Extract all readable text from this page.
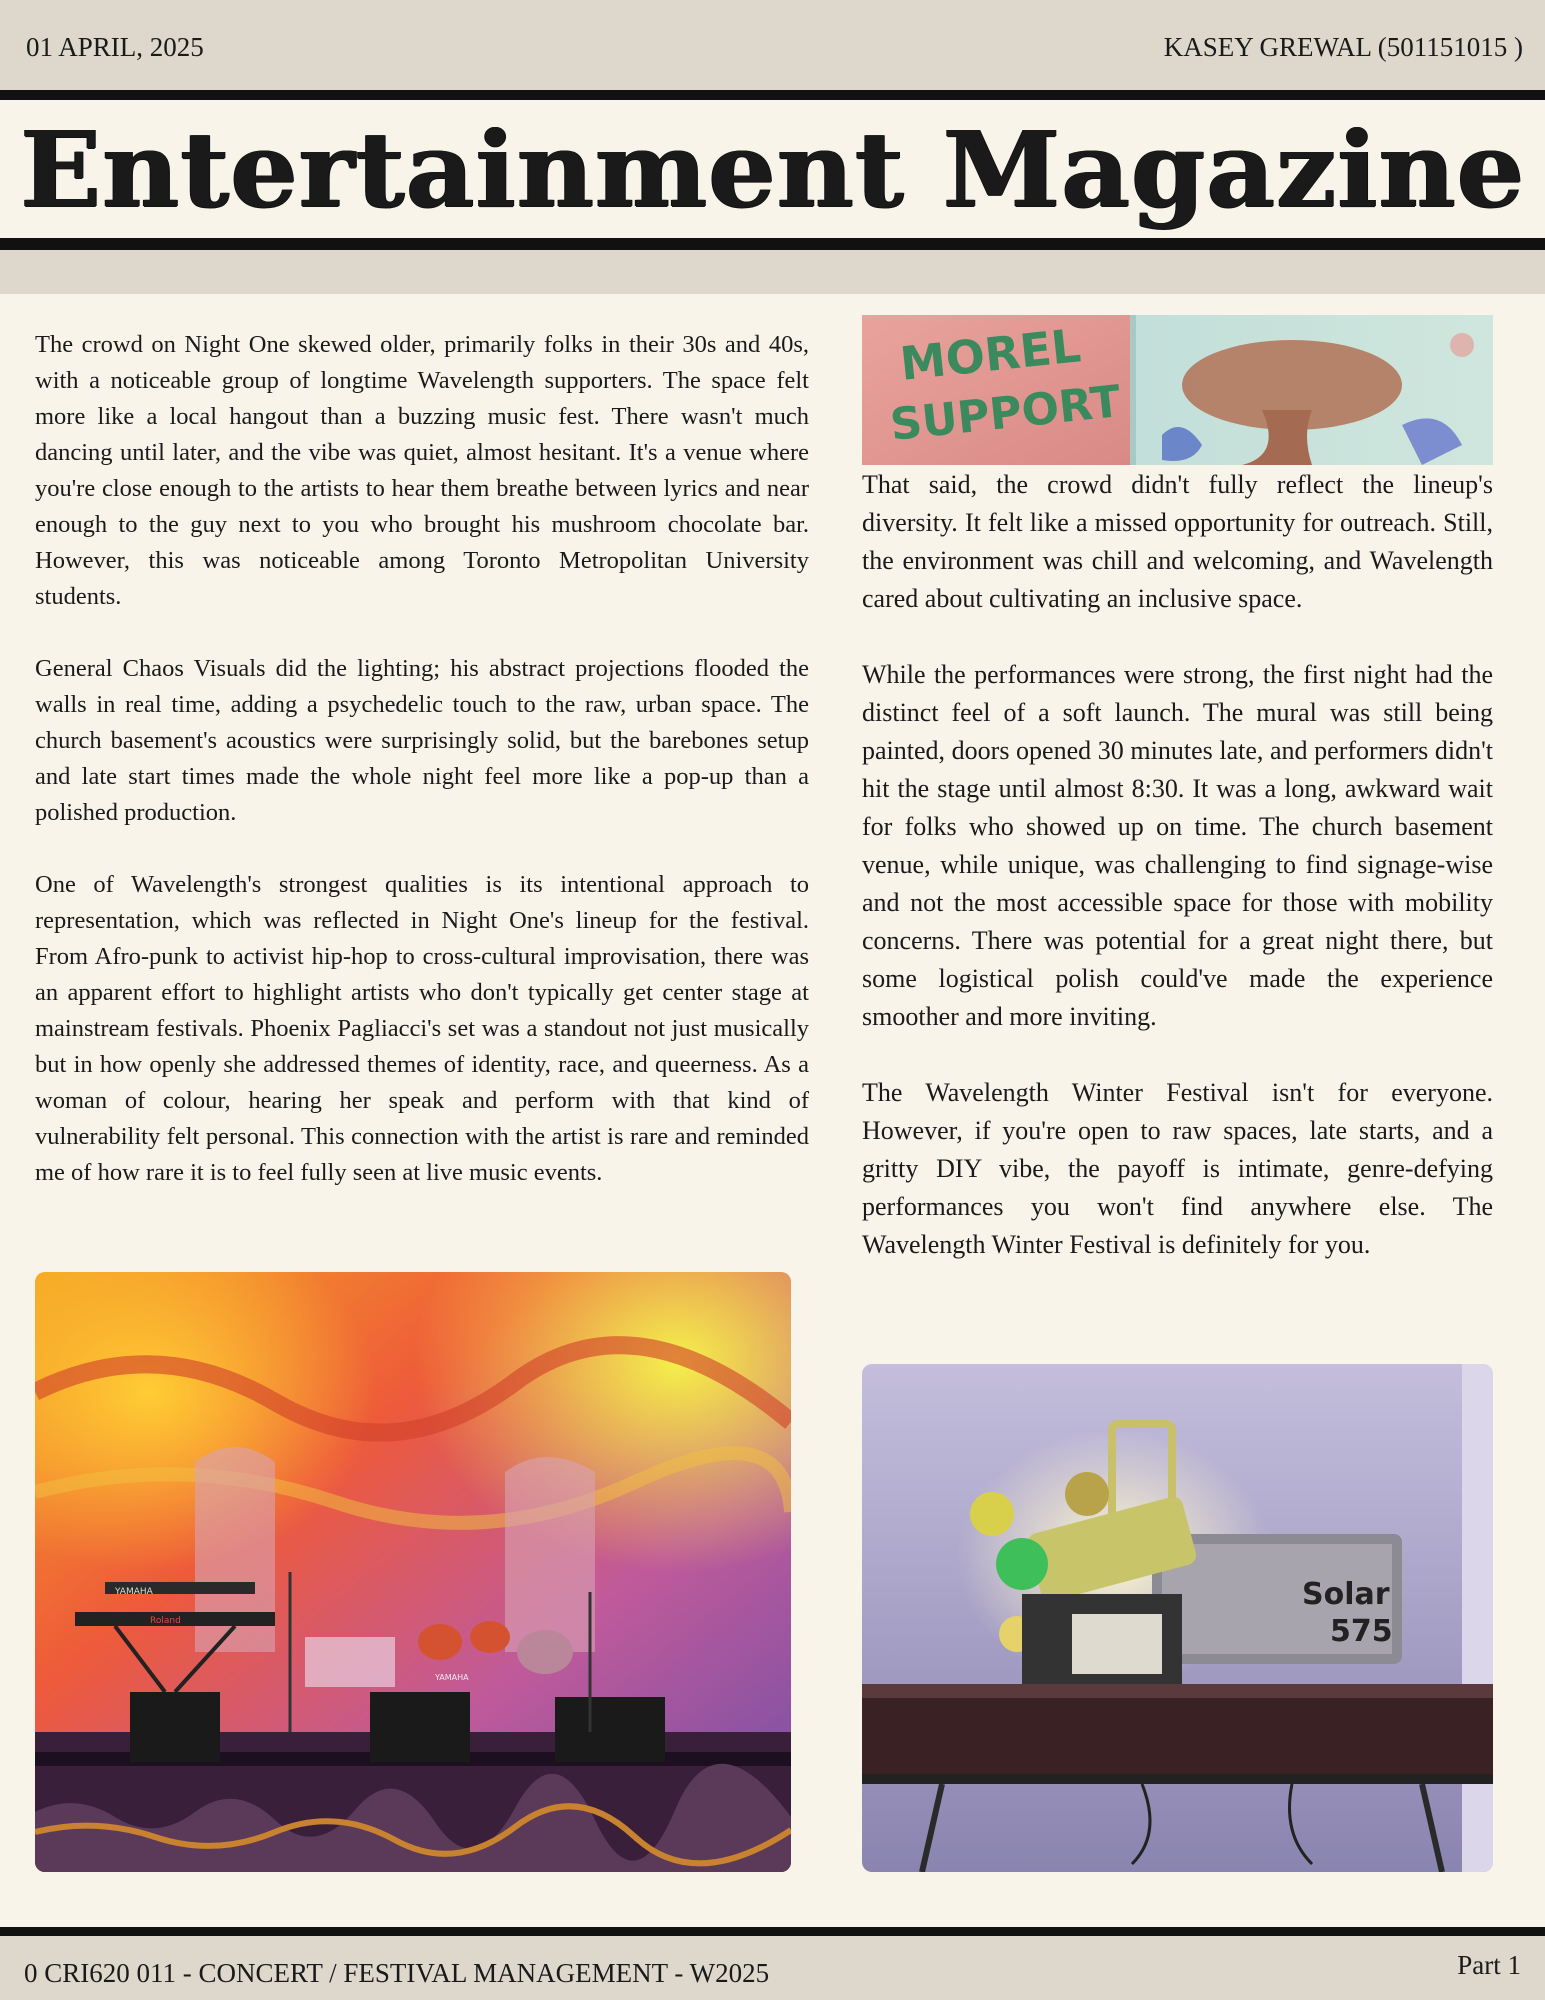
01 APRIL, 2025	KASEY GREWAL (501151015 )
Entertainment Magazine

The crowd on Night One skewed older, primarily folks in their 30s and 40s, with a noticeable group of longtime Wavelength supporters. The space felt more like a local hangout than a buzzing music fest. There wasn't much dancing until later, and the vibe was quiet, almost hesitant. It's a venue where you're close enough to the artists to hear them breathe between lyrics and near enough to the guy next to you who brought his mushroom chocolate bar. However, this was noticeable among Toronto Metropolitan University students.

General Chaos Visuals did the lighting; his abstract projections flooded the walls in real time, adding a psychedelic touch to the raw, urban space. The church basement's acoustics were surprisingly solid, but the barebones setup and late start times made the whole night feel more like a pop-up than a polished production.

One of Wavelength's strongest qualities is its intentional approach to representation, which was reflected in Night One's lineup for the festival. From Afro-punk to activist hip-hop to cross-cultural improvisation, there was an apparent effort to highlight artists who don't typically get center stage at mainstream festivals. Phoenix Pagliacci's set was a standout not just musically but in how openly she addressed themes of identity, race, and queerness. As a woman of colour, hearing her speak and perform with that kind of vulnerability felt personal. This connection with the artist is rare and reminded me of how rare it is to feel fully seen at live music events.

MOREL
SUPPORT

That said, the crowd didn't fully reflect the lineup's diversity. It felt like a missed opportunity for outreach. Still, the environment was chill and welcoming, and Wavelength cared about cultivating an inclusive space.

While the performances were strong, the first night had the distinct feel of a soft launch. The mural was still being painted, doors opened 30 minutes late, and performers didn't hit the stage until almost 8:30. It was a long, awkward wait for folks who showed up on time. The church basement venue, while unique, was challenging to find signage-wise and not the most accessible space for those with mobility concerns. There was potential for a great night there, but some logistical polish could've made the experience smoother and more inviting.

The Wavelength Winter Festival isn't for everyone. However, if you're open to raw spaces, late starts, and a gritty DIY vibe, the payoff is intimate, genre-defying performances you won't find anywhere else. The Wavelength Winter Festival is definitely for you.

YAMAHA
Roland
YAMAHA
Solar
575
0 CRI620 011 - CONCERT / FESTIVAL MANAGEMENT - W2025	Part 1
